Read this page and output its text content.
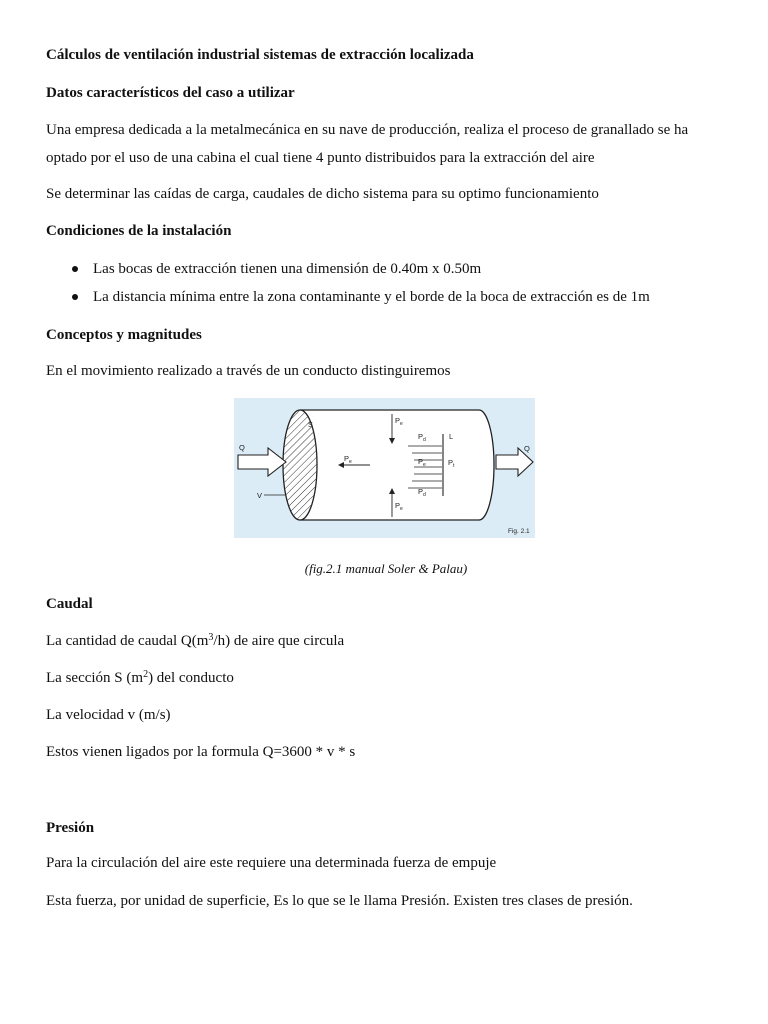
Cálculos de ventilación industrial sistemas de extracción localizada
Datos característicos del caso a utilizar
Una empresa dedicada a la metalmecánica en su nave de producción, realiza el proceso de granallado se ha
optado por el uso de una cabina el cual tiene 4 punto distribuidos para la extracción del aire
Se determinar las caídas de carga, caudales de dicho sistema para su optimo funcionamiento
Condiciones de la instalación
Las bocas de extracción tienen una dimensión de 0.40m x 0.50m
La distancia mínima entre la zona contaminante y el borde de la boca de extracción es de 1m
Conceptos y magnitudes
En el movimiento realizado a través de un conducto distinguiremos
(fig.2.1 manual Soler & Palau)
Caudal
La cantidad de caudal $Q(m^3/h)$ de aire que circula
La sección S $(m^2)$ del conducto
La velocidad v (m/s)
Estos vienen ligados por la formula Q=3600 * v * s
Presión
Para la circulación del aire este requiere una determinada fuerza de empuje
Esta fuerza, por unidad de superficie, Es lo que se le llama Presión. Existen tres clases de presión.
S
Q	Q
V
L
$P_e$
$P_e$
$P_e$
$P_d$
$P_e$
$P_d$
$P_t$
Fig. 2.1
